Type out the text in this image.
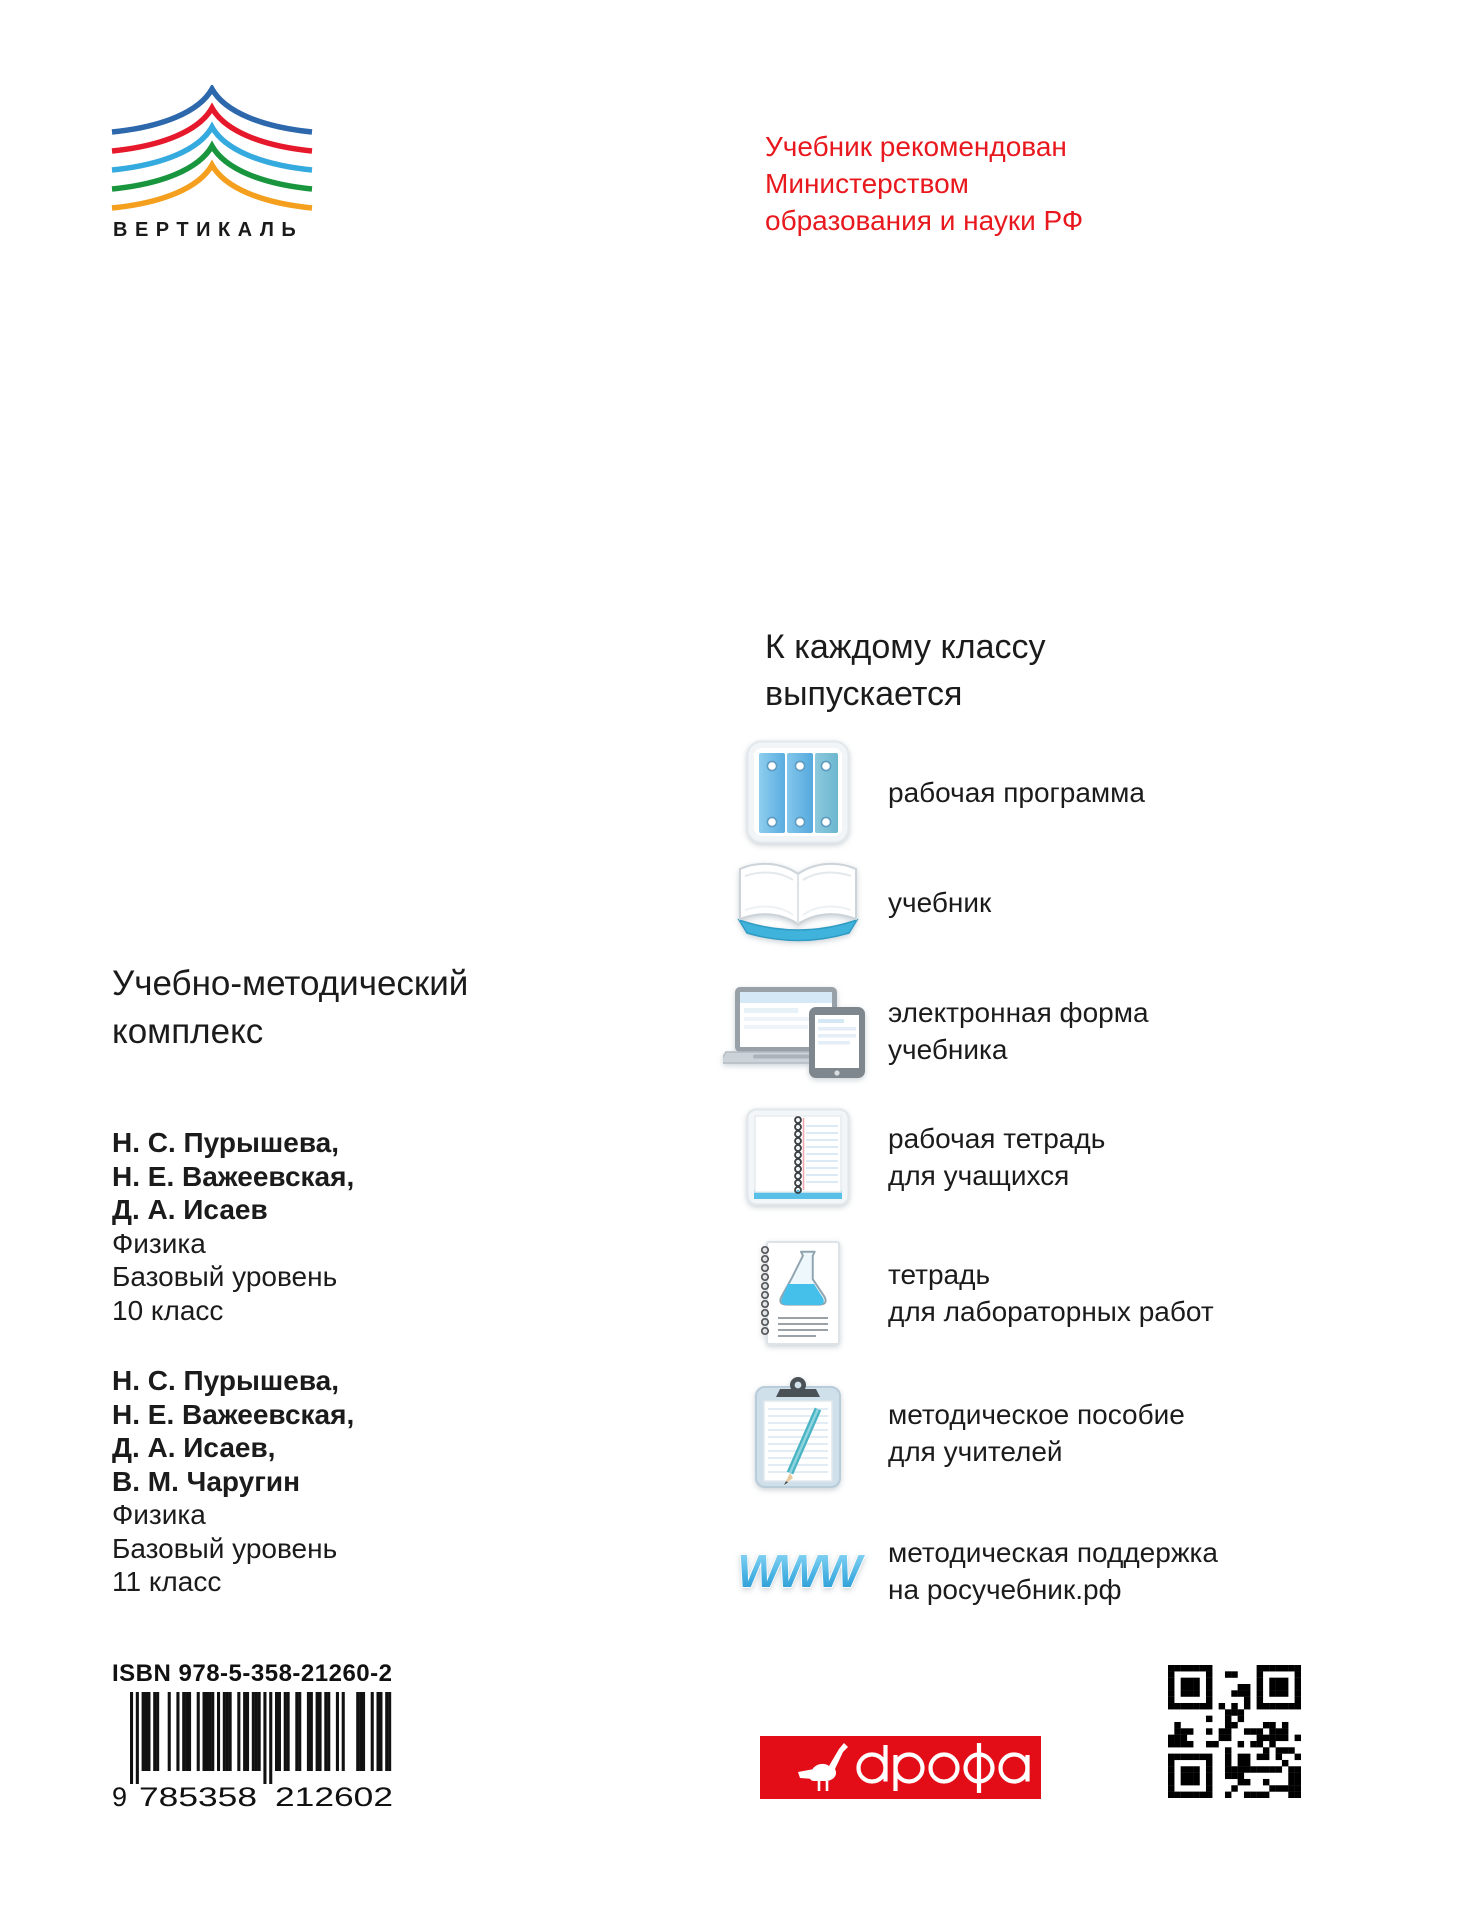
ВЕРТИКАЛЬ
Учебник рекомендован
Министерством
образования и науки РФ
Учебно-методический
комплекс
Н. С. Пурышева,
Н. Е. Важеевская,
Д. А. Исаев
Физика
Базовый уровень
10 класс
Н. С. Пурышева,
Н. Е. Важеевская,
Д. А. Исаев,
В. М. Чаругин
Физика
Базовый уровень
11 класс
К каждому классу
выпускается
рабочая программа
учебник
электронная форма
учебника
рабочая тетрадь
для учащихся
тетрадь
для лабораторных работ
методическое пособие
для учителей
WWW методическая поддержка
на росучебник.рф
ISBN 978-5-358-21260-2
9 785358 212602
